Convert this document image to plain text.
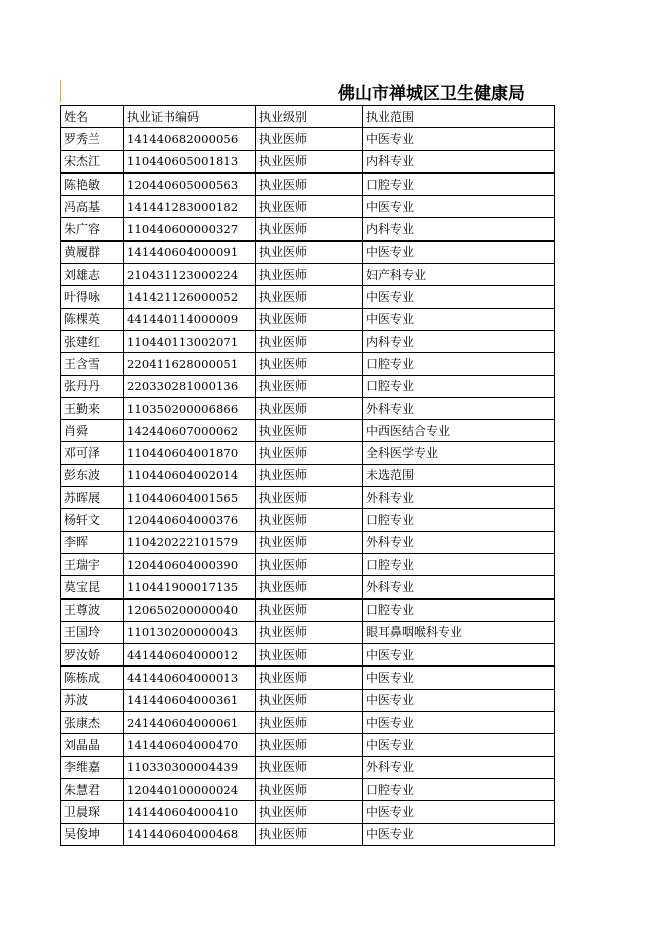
佛山市禅城区卫生健康局
姓名	执业证书编码	执业级别	执业范围
罗秀兰	141440682000056	执业医师	中医专业
宋杰江	110440605001813	执业医师	内科专业
陈艳敏	120440605000563	执业医师	口腔专业
冯高基	141441283000182	执业医师	中医专业
朱广容	110440600000327	执业医师	内科专业
黄履群	141440604000091	执业医师	中医专业
刘雄志	210431123000224	执业医师	妇产科专业
叶得咏	141421126000052	执业医师	中医专业
陈棵英	441440114000009	执业医师	中医专业
张建红	110440113002071	执业医师	内科专业
王含雪	220411628000051	执业医师	口腔专业
张丹丹	220330281000136	执业医师	口腔专业
王勤来	110350200006866	执业医师	外科专业
肖舜	142440607000062	执业医师	中西医结合专业
邓可泽	110440604001870	执业医师	全科医学专业
彭东波	110440604002014	执业医师	未选范围
苏晖展	110440604001565	执业医师	外科专业
杨轩文	120440604000376	执业医师	口腔专业
李晖	110420222101579	执业医师	外科专业
王瑞宇	120440604000390	执业医师	口腔专业
莫宝昆	110441900017135	执业医师	外科专业
王尊波	120650200000040	执业医师	口腔专业
王国玲	110130200000043	执业医师	眼耳鼻咽喉科专业
罗汝娇	441440604000012	执业医师	中医专业
陈栋成	441440604000013	执业医师	中医专业
苏波	141440604000361	执业医师	中医专业
张康杰	241440604000061	执业医师	中医专业
刘晶晶	141440604000470	执业医师	中医专业
李维嘉	110330300004439	执业医师	外科专业
朱慧君	120440100000024	执业医师	口腔专业
卫晨琛	141440604000410	执业医师	中医专业
吴俊坤	141440604000468	执业医师	中医专业
